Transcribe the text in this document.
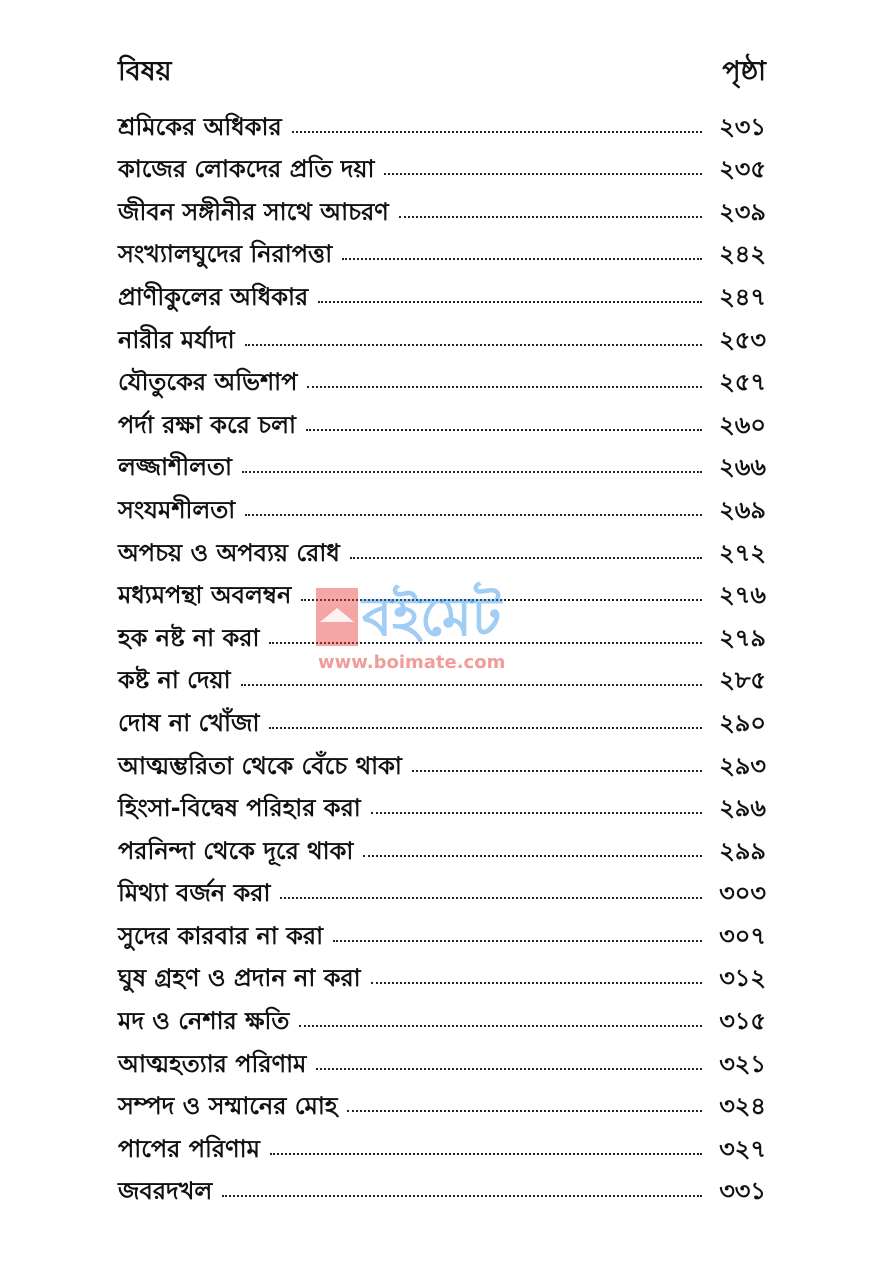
বিষয়	পৃষ্ঠা
শ্রমিকের অধিকার	২৩১
কাজের লোকদের প্রতি দয়া	২৩৫
জীবন সঙ্গীনীর সাথে আচরণ	২৩৯
সংখ্যালঘুদের নিরাপত্তা	২৪২
প্রাণীকুলের অধিকার	২৪৭
নারীর মর্যাদা	২৫৩
যৌতুকের অভিশাপ	২৫৭
পর্দা রক্ষা করে চলা	২৬০
লজ্জাশীলতা	২৬৬
সংযমশীলতা	২৬৯
অপচয় ও অপব্যয় রোধ	২৭২
মধ্যমপন্থা অবলম্বন	২৭৬
হক নষ্ট না করা	২৭৯
কষ্ট না দেয়া	২৮৫
দোষ না খোঁজা	২৯০
আত্মম্ভরিতা থেকে বেঁচে থাকা	২৯৩
হিংসা-বিদ্বেষ পরিহার করা	২৯৬
পরনিন্দা থেকে দূরে থাকা	২৯৯
মিথ্যা বর্জন করা	৩০৩
সুদের কারবার না করা	৩০৭
ঘুষ গ্রহণ ও প্রদান না করা	৩১২
মদ ও নেশার ক্ষতি	৩১৫
আত্মহত্যার পরিণাম	৩২১
সম্পদ ও সম্মানের মোহ	৩২৪
পাপের পরিণাম	৩২৭
জবরদখল	৩৩১
বইমেট
www.boimate.com
